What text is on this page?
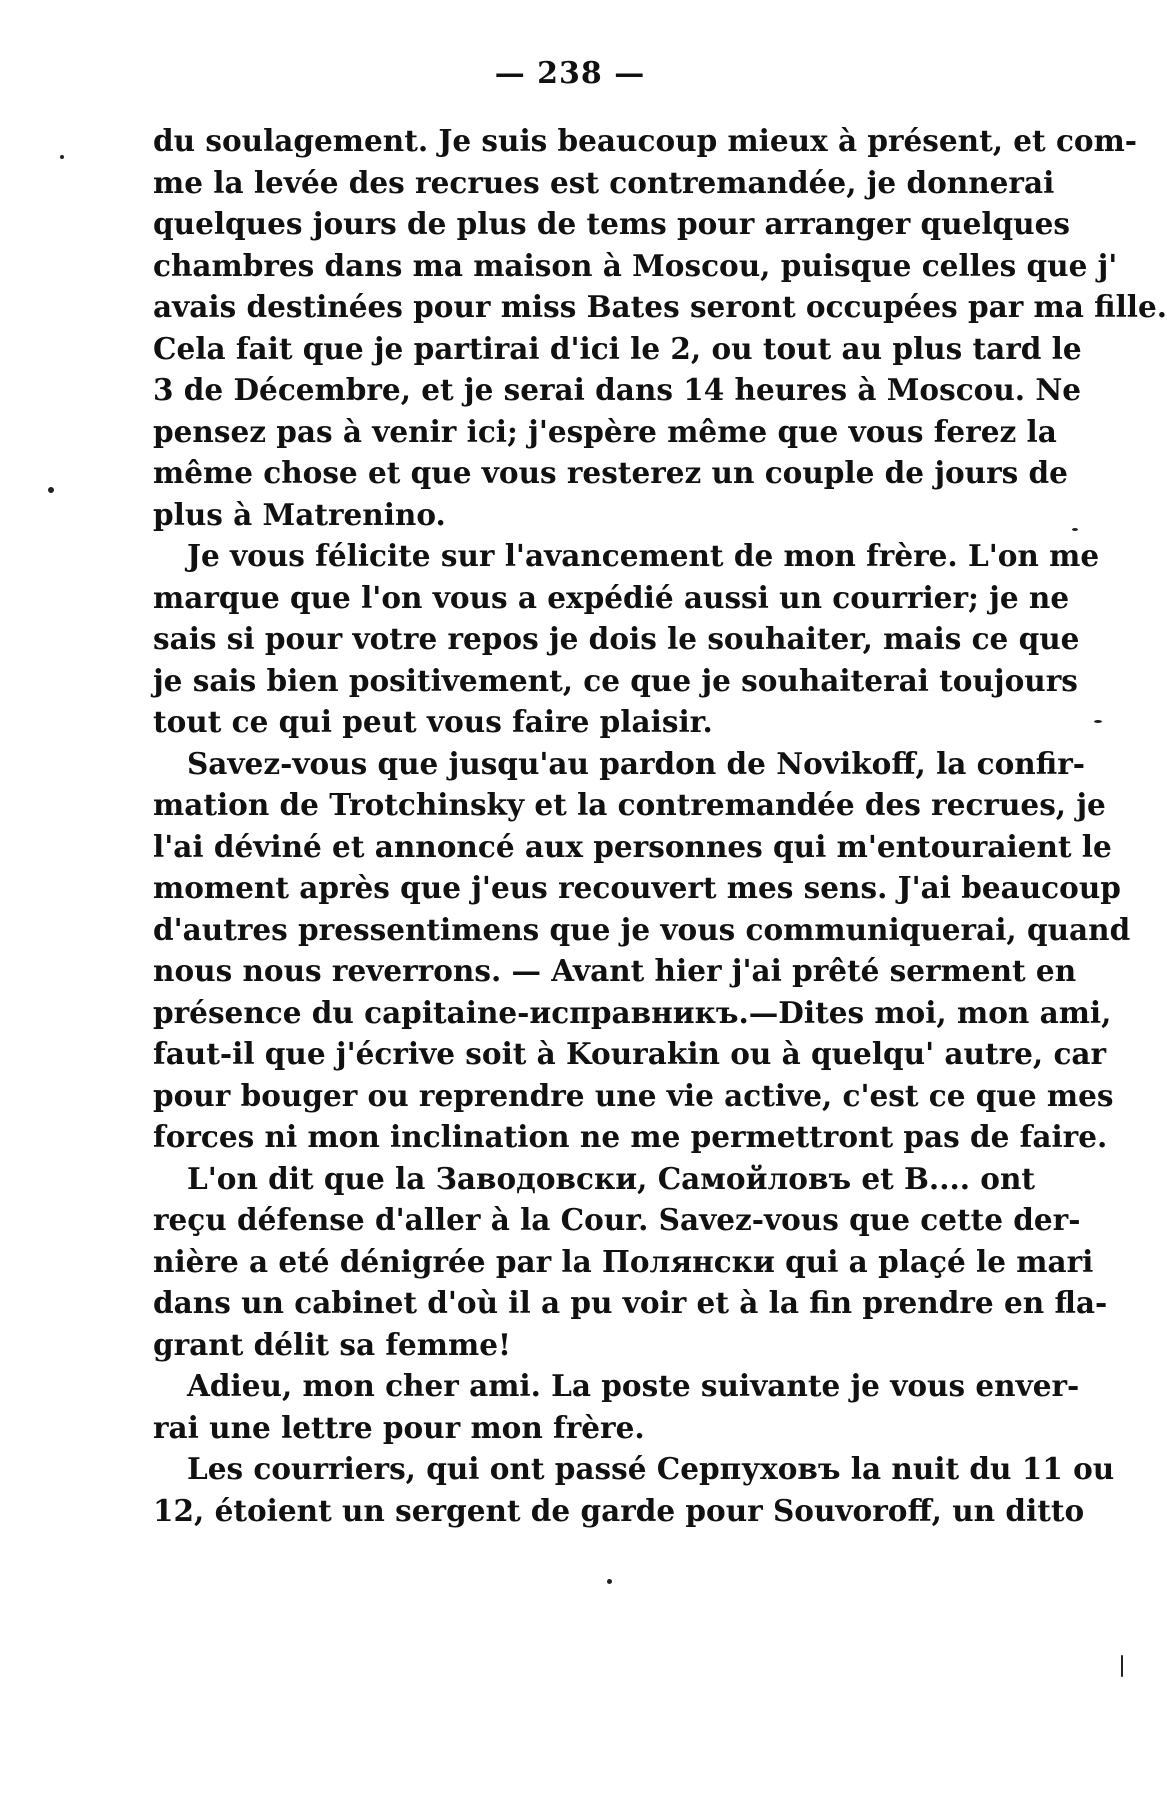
— 238 —
du soulagement. Je suis beaucoup mieux à présent, et com-
me la levée des recrues est contremandée, je donnerai
quelques jours de plus de tems pour arranger quelques
chambres dans ma maison à Moscou, puisque celles que j'
avais destinées pour miss Bates seront occupées par ma fille.
Cela fait que je partirai d'ici le 2, ou tout au plus tard le
3 de Décembre, et je serai dans 14 heures à Moscou. Ne
pensez pas à venir ici; j'espère même que vous ferez la
même chose et que vous resterez un couple de jours de
plus à Matrenino.
Je vous félicite sur l'avancement de mon frère. L'on me
marque que l'on vous a expédié aussi un courrier; je ne
sais si pour votre repos je dois le souhaiter, mais ce que
je sais bien positivement, ce que je souhaiterai toujours
tout ce qui peut vous faire plaisir.
Savez-vous que jusqu'au pardon de Novikoff, la confir-
mation de Trotchinsky et la contremandée des recrues, je
l'ai déviné et annoncé aux personnes qui m'entouraient le
moment après que j'eus recouvert mes sens. J'ai beaucoup
d'autres pressentimens que je vous communiquerai, quand
nous nous reverrons. — Avant hier j'ai prêté serment en
présence du capitaine-исправникъ.—Dites moi, mon ami,
faut-il que j'écrive soit à Kourakin ou à quelqu' autre, car
pour bouger ou reprendre une vie active, c'est ce que mes
forces ni mon inclination ne me permettront pas de faire.
L'on dit que la Заводовски, Самойловъ et B.... ont
reçu défense d'aller à la Cour. Savez-vous que cette der-
nière a eté dénigrée par la Полянски qui a plaçé le mari
dans un cabinet d'où il a pu voir et à la fin prendre en fla-
grant délit sa femme!
Adieu, mon cher ami. La poste suivante je vous enver-
rai une lettre pour mon frère.
Les courriers, qui ont passé Серпуховъ la nuit du 11 ou
12, étoient un sergent de garde pour Souvoroff, un ditto
